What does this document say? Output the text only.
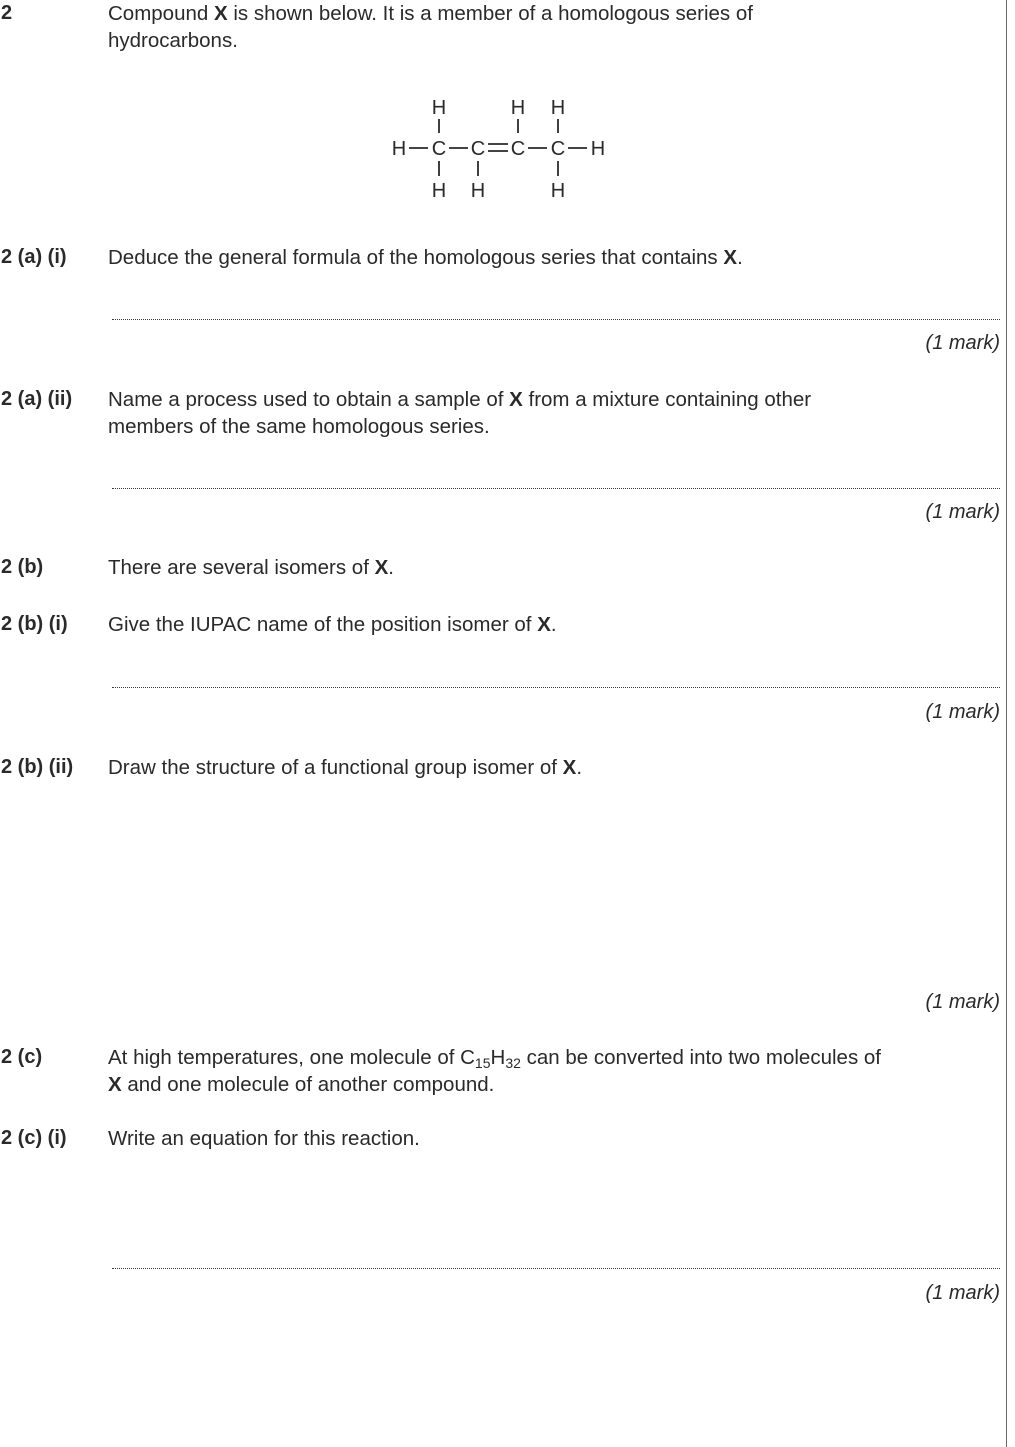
2	Compound X is shown below. It is a member of a homologous series of
hydrocarbons.
H	H H
H C C C C H
H H	H
2 (a) (i) Deduce the general formula of the homologous series that contains X.
(1 mark)
2 (a) (ii) Name a process used to obtain a sample of X from a mixture containing other
members of the same homologous series.
(1 mark)
2 (b)	There are several isomers of X.
2 (b) (i) Give the IUPAC name of the position isomer of X.
(1 mark)
2 (b) (ii) Draw the structure of a functional group isomer of X.
(1 mark)
2 (c)	At high temperatures, one molecule of $C_{15}H_{32}$ can be converted into two molecules of
X and one molecule of another compound.
2 (c) (i) Write an equation for this reaction.
(1 mark)
